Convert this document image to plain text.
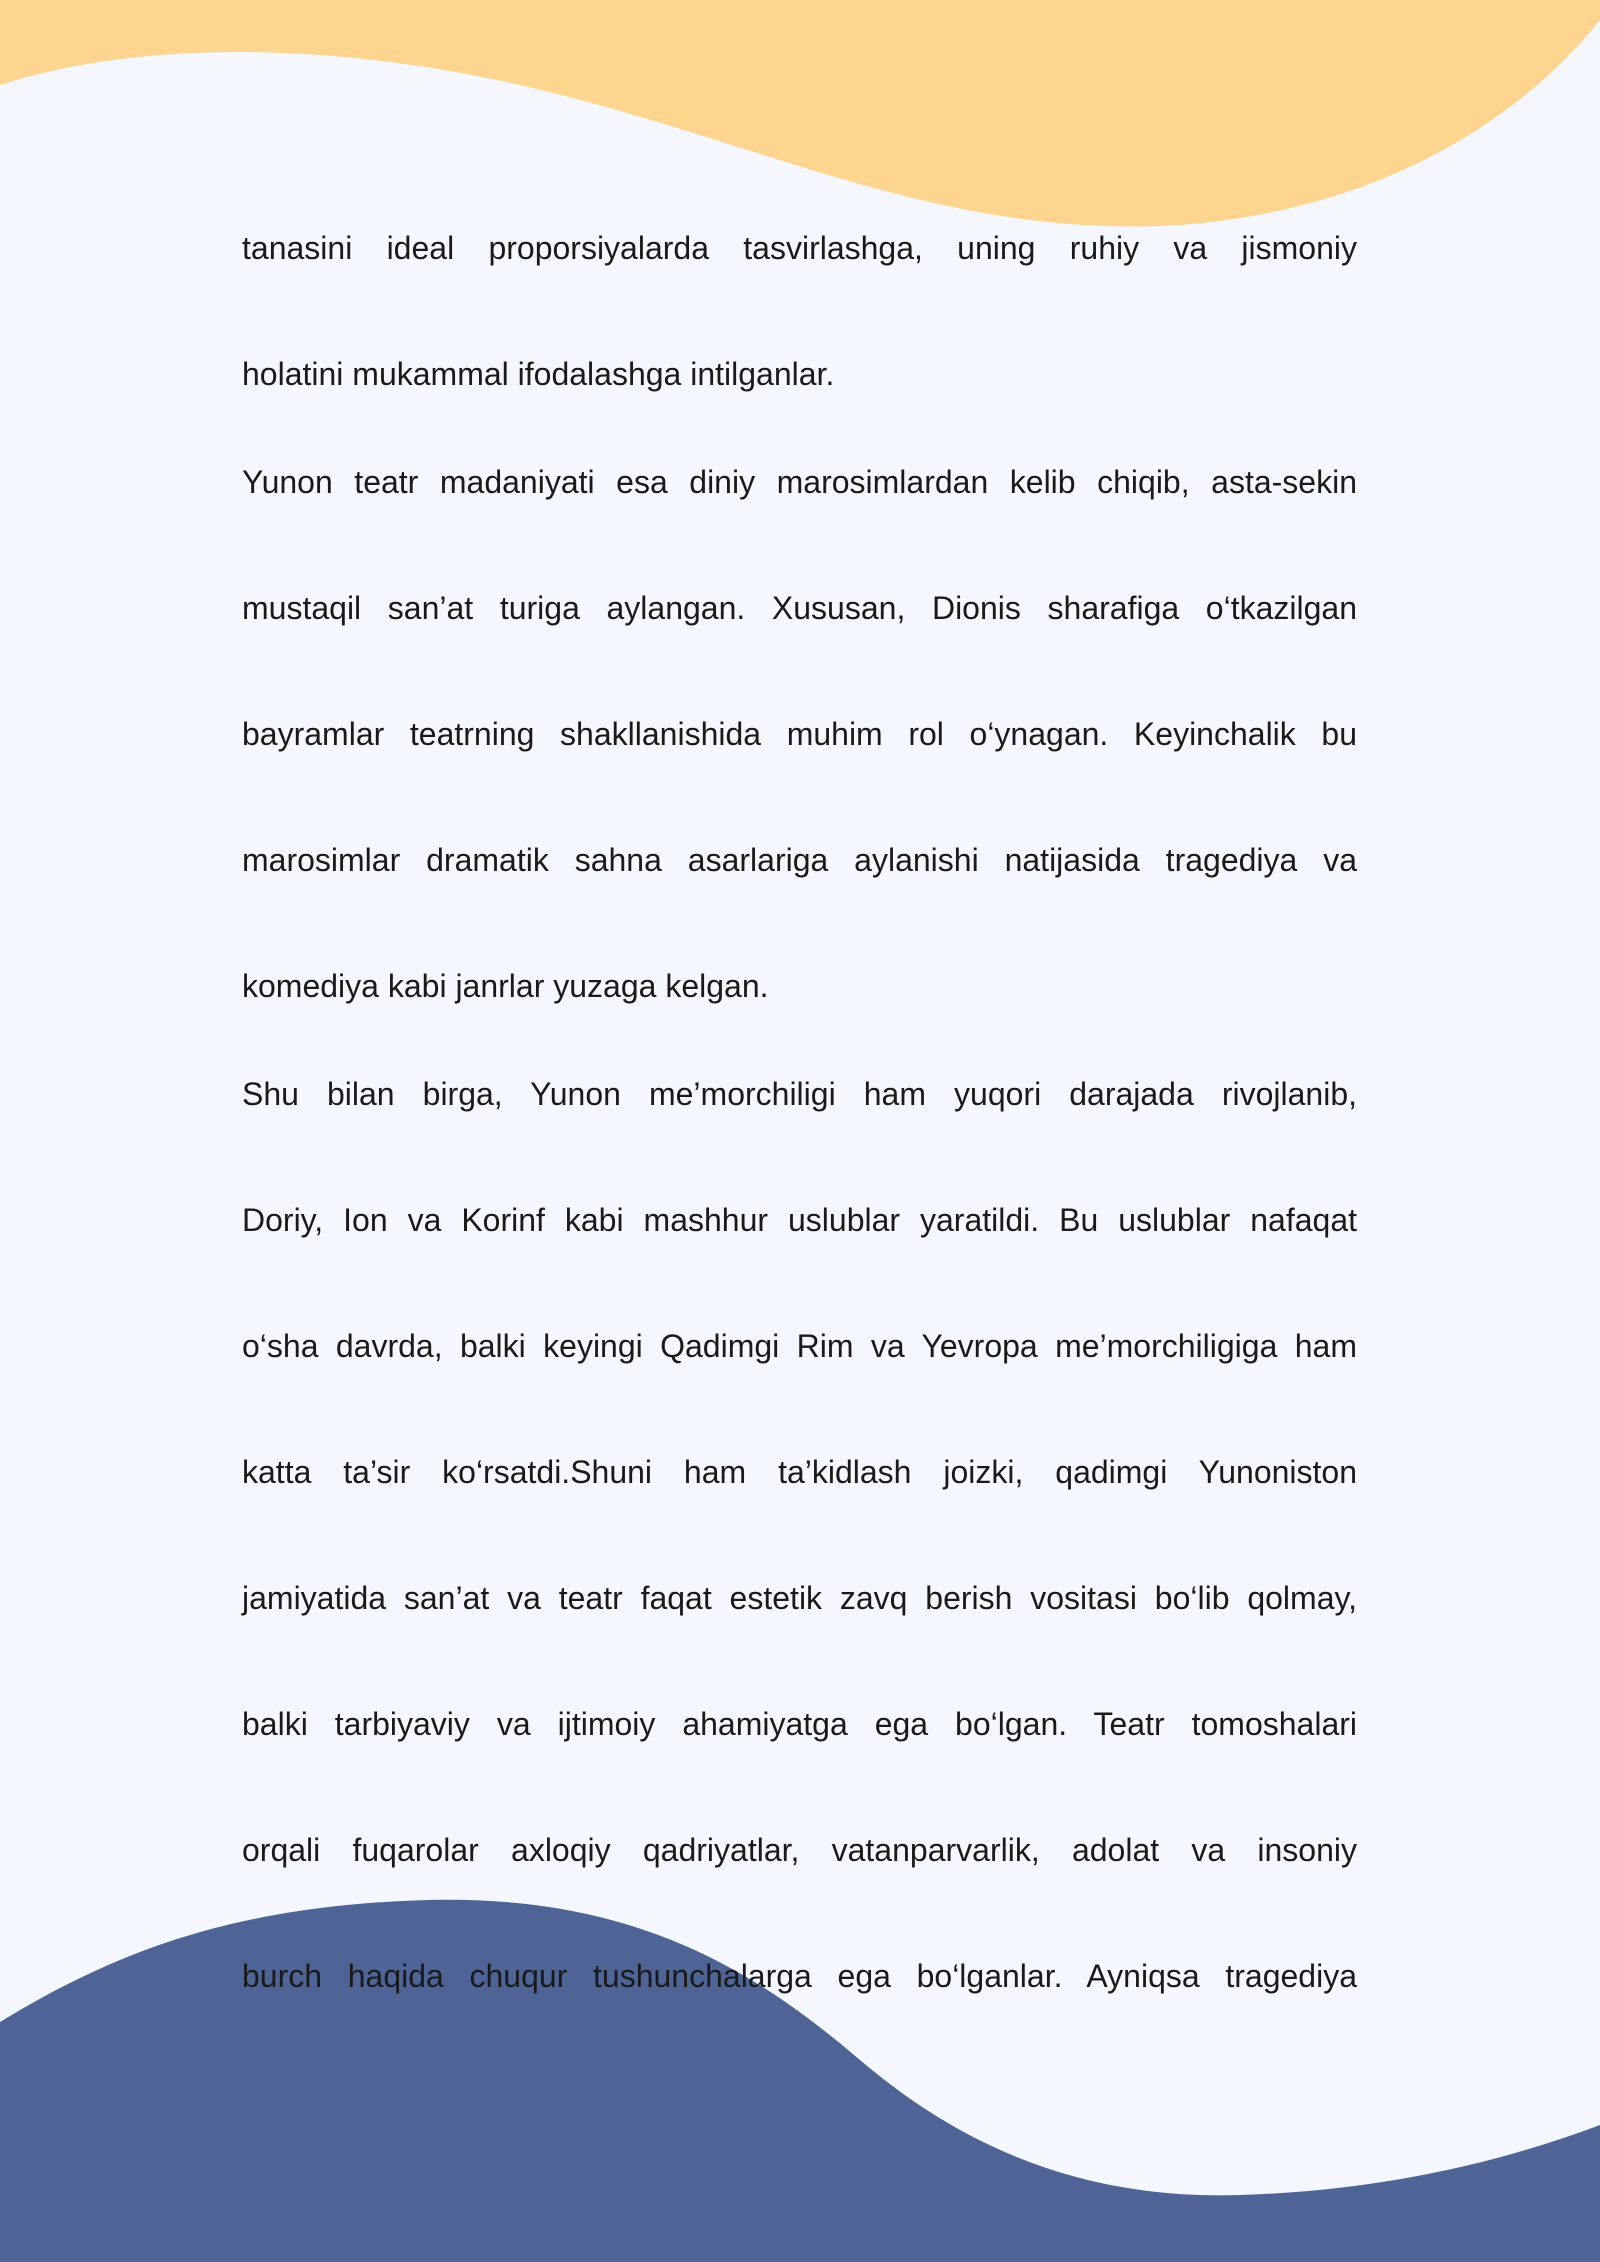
tanasini ideal proporsiyalarda tasvirlashga, uning ruhiy va jismoniy
holatini mukammal ifodalashga intilganlar.
Yunon teatr madaniyati esa diniy marosimlardan kelib chiqib, asta-sekin
mustaqil san’at turiga aylangan. Xususan, Dionis sharafiga o‘tkazilgan
bayramlar teatrning shakllanishida muhim rol o‘ynagan. Keyinchalik bu
marosimlar dramatik sahna asarlariga aylanishi natijasida tragediya va
komediya kabi janrlar yuzaga kelgan.
Shu bilan birga, Yunon me’morchiligi ham yuqori darajada rivojlanib,
Doriy, Ion va Korinf kabi mashhur uslublar yaratildi. Bu uslublar nafaqat
o‘sha davrda, balki keyingi Qadimgi Rim va Yevropa me’morchiligiga ham
katta ta’sir ko‘rsatdi.Shuni ham ta’kidlash joizki, qadimgi Yunoniston
jamiyatida san’at va teatr faqat estetik zavq berish vositasi bo‘lib qolmay,
balki tarbiyaviy va ijtimoiy ahamiyatga ega bo‘lgan. Teatr tomoshalari
orqali fuqarolar axloqiy qadriyatlar, vatanparvarlik, adolat va insoniy
burch haqida chuqur tushunchalarga ega bo‘lganlar. Ayniqsa tragediya
